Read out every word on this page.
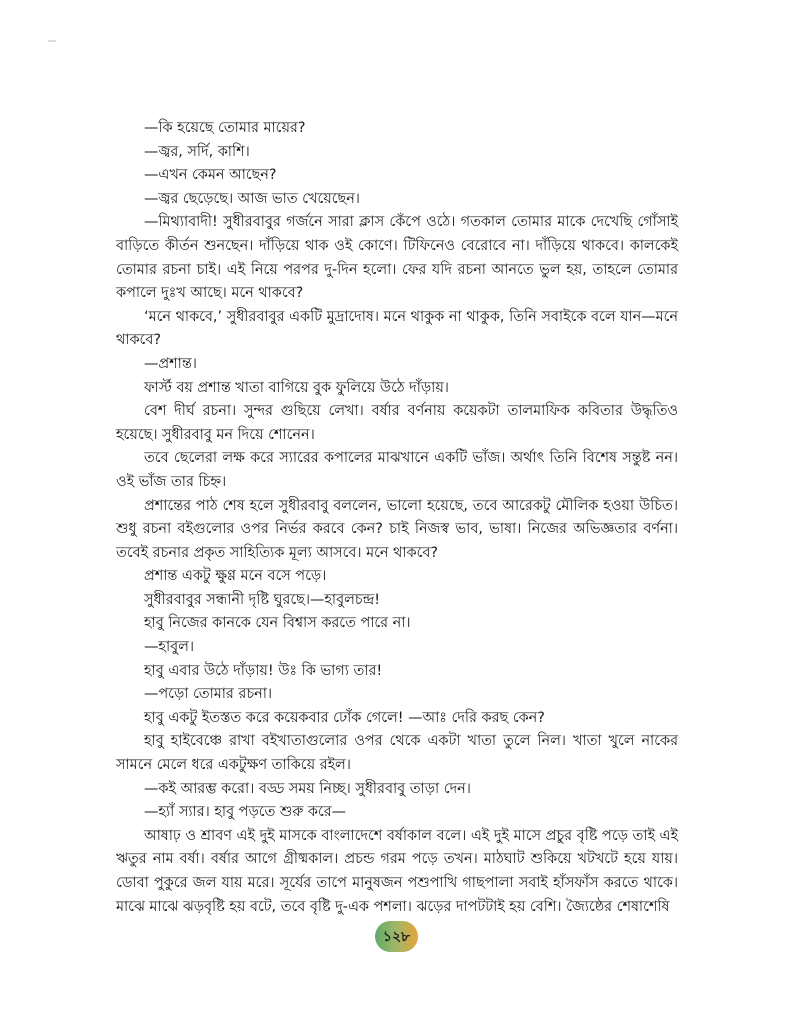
—কি হয়েছে তোমার মায়ের?

—জ্বর, সর্দি, কাশি।

—এখন কেমন আছেন?

—জ্বর ছেড়েছে। আজ ভাত খেয়েছেন।

—মিথ্যাবাদী! সুধীরবাবুর গর্জনে সারা ক্লাস কেঁপে ওঠে। গতকাল তোমার মাকে দেখেছি গোঁসাই বাড়িতে কীর্তন শুনছেন। দাঁড়িয়ে থাক ওই কোণে। টিফিনেও বেরোবে না। দাঁড়িয়ে থাকবে। কালকেই তোমার রচনা চাই। এই নিয়ে পরপর দু-দিন হলো। ফের যদি রচনা আনতে ভুল হয়, তাহলে তোমার কপালে দুঃখ আছে। মনে থাকবে?

‘মনে থাকবে,’ সুধীরবাবুর একটি মুদ্রাদোষ। মনে থাকুক না থাকুক, তিনি সবাইকে বলে যান—মনে থাকবে?

—প্রশান্ত।

ফার্স্ট বয় প্রশান্ত খাতা বাগিয়ে বুক ফুলিয়ে উঠে দাঁড়ায়।

বেশ দীর্ঘ রচনা। সুন্দর গুছিয়ে লেখা। বর্ষার বর্ণনায় কয়েকটা তালমাফিক কবিতার উদ্ধৃতিও হয়েছে। সুধীরবাবু মন দিয়ে শোনেন।

তবে ছেলেরা লক্ষ করে স্যারের কপালের মাঝখানে একটি ভাঁজ। অর্থাৎ তিনি বিশেষ সন্তুষ্ট নন। ওই ভাঁজ তার চিহ্ন।

প্রশান্তের পাঠ শেষ হলে সুধীরবাবু বললেন, ভালো হয়েছে, তবে আরেকটু মৌলিক হওয়া উচিত। শুধু রচনা বইগুলোর ওপর নির্ভর করবে কেন? চাই নিজস্ব ভাব, ভাষা। নিজের অভিজ্ঞতার বর্ণনা। তবেই রচনার প্রকৃত সাহিত্যিক মূল্য আসবে। মনে থাকবে?

প্রশান্ত একটু ক্ষুণ্ণ মনে বসে পড়ে।

সুধীরবাবুর সন্ধানী দৃষ্টি ঘুরছে।—হাবুলচন্দ্র!

হাবু নিজের কানকে যেন বিশ্বাস করতে পারে না।

—হাবুল।

হাবু এবার উঠে দাঁড়ায়! উঃ কি ভাগ্য তার!

—পড়ো তোমার রচনা।

হাবু একটু ইতস্তত করে কয়েকবার ঢোঁক গেলে! —আঃ দেরি করছ কেন?

হাবু হাইবেঞ্চে রাখা বইখাতাগুলোর ওপর থেকে একটা খাতা তুলে নিল। খাতা খুলে নাকের সামনে মেলে ধরে একটুক্ষণ তাকিয়ে রইল।

—কই আরম্ভ করো। বড্ড সময় নিচ্ছ। সুধীরবাবু তাড়া দেন।

—হ্যাঁ স্যার। হাবু পড়তে শুরু করে—

আষাঢ় ও শ্রাবণ এই দুই মাসকে বাংলাদেশে বর্ষাকাল বলে। এই দুই মাসে প্রচুর বৃষ্টি পড়ে তাই এই ঋতুর নাম বর্ষা। বর্ষার আগে গ্রীষ্মকাল। প্রচন্ড গরম পড়ে তখন। মাঠঘাট শুকিয়ে খটখটে হয়ে যায়। ডোবা পুকুরে জল যায় মরে। সূর্যের তাপে মানুষজন পশুপাখি গাছপালা সবাই হাঁসফাঁস করতে থাকে। মাঝে মাঝে ঝড়বৃষ্টি হয় বটে, তবে বৃষ্টি দু-এক পশলা। ঝড়ের দাপটটাই হয় বেশি। জ্যৈষ্ঠের শেষাশেষি

১২৮
